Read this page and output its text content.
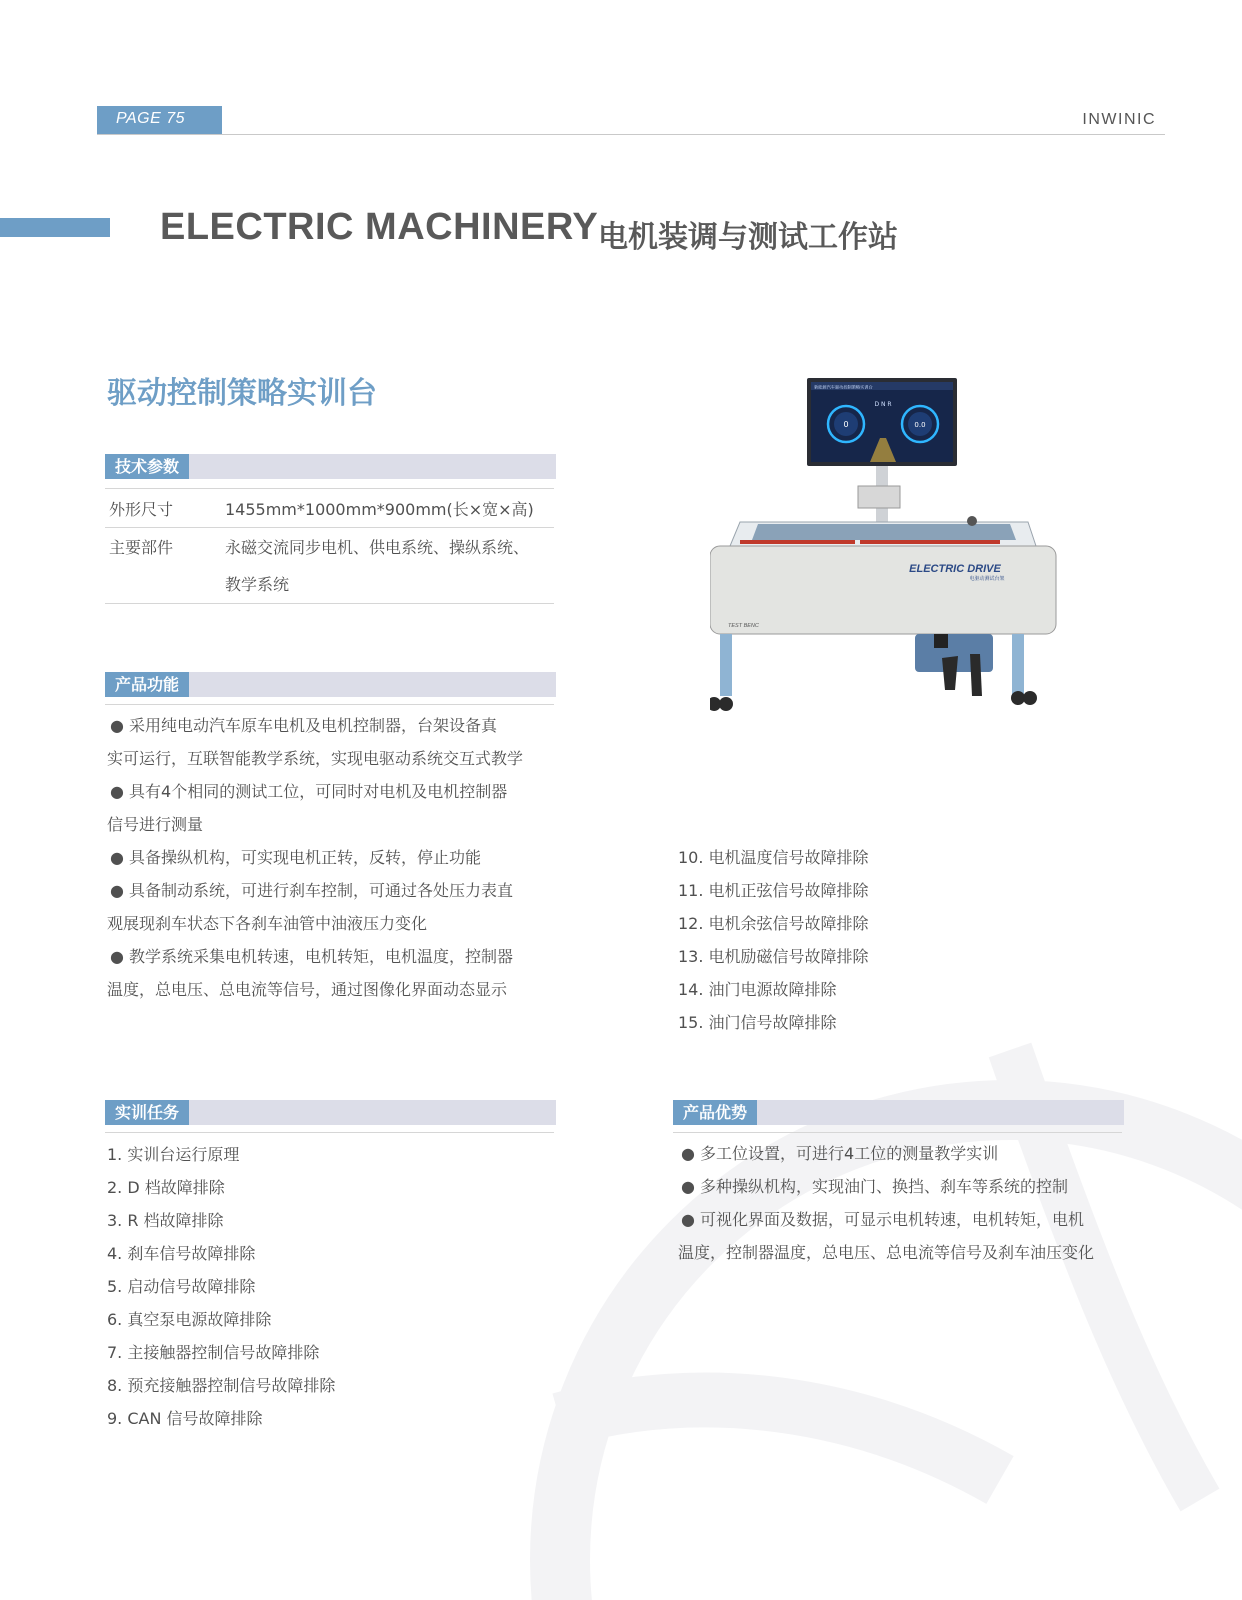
PAGE 75	INWINIC
ELECTRIC MACHINERY 电机装调与测试工作站
驱动控制策略实训台
技术参数
外形尺寸	1455mm*1000mm*900mm(长×宽×高)
主要部件	永磁交流同步电机、供电系统、操纵系统、
教学系统
产品功能
● 采用纯电动汽车原车电机及电机控制器，台架设备真
实可运行，互联智能教学系统，实现电驱动系统交互式教学
● 具有4个相同的测试工位，可同时对电机及电机控制器
信号进行测量
● 具备操纵机构，可实现电机正转，反转，停止功能
● 具备制动系统，可进行刹车控制，可通过各处压力表直
观展现刹车状态下各刹车油管中油液压力变化
● 教学系统采集电机转速，电机转矩，电机温度，控制器
温度，总电压、总电流等信号，通过图像化界面动态显示
实训任务
1. 实训台运行原理
2. D 档故障排除
3. R 档故障排除
4. 刹车信号故障排除
5. 启动信号故障排除
6. 真空泵电源故障排除
7. 主接触器控制信号故障排除
8. 预充接触器控制信号故障排除
9. CAN 信号故障排除
10. 电机温度信号故障排除
11. 电机正弦信号故障排除
12. 电机余弦信号故障排除
13. 电机励磁信号故障排除
14. 油门电源故障排除
15. 油门信号故障排除
产品优势
● 多工位设置，可进行4工位的测量教学实训
● 多种操纵机构，实现油门、换挡、刹车等系统的控制
● 可视化界面及数据，可显示电机转速，电机转矩，电机
温度，控制器温度，总电压、总电流等信号及刹车油压变化
新能源汽车驱动控制策略实训台
0	0.0
D N R
ELECTRIC DRIVE
电驱动测试台架
TEST BENC
